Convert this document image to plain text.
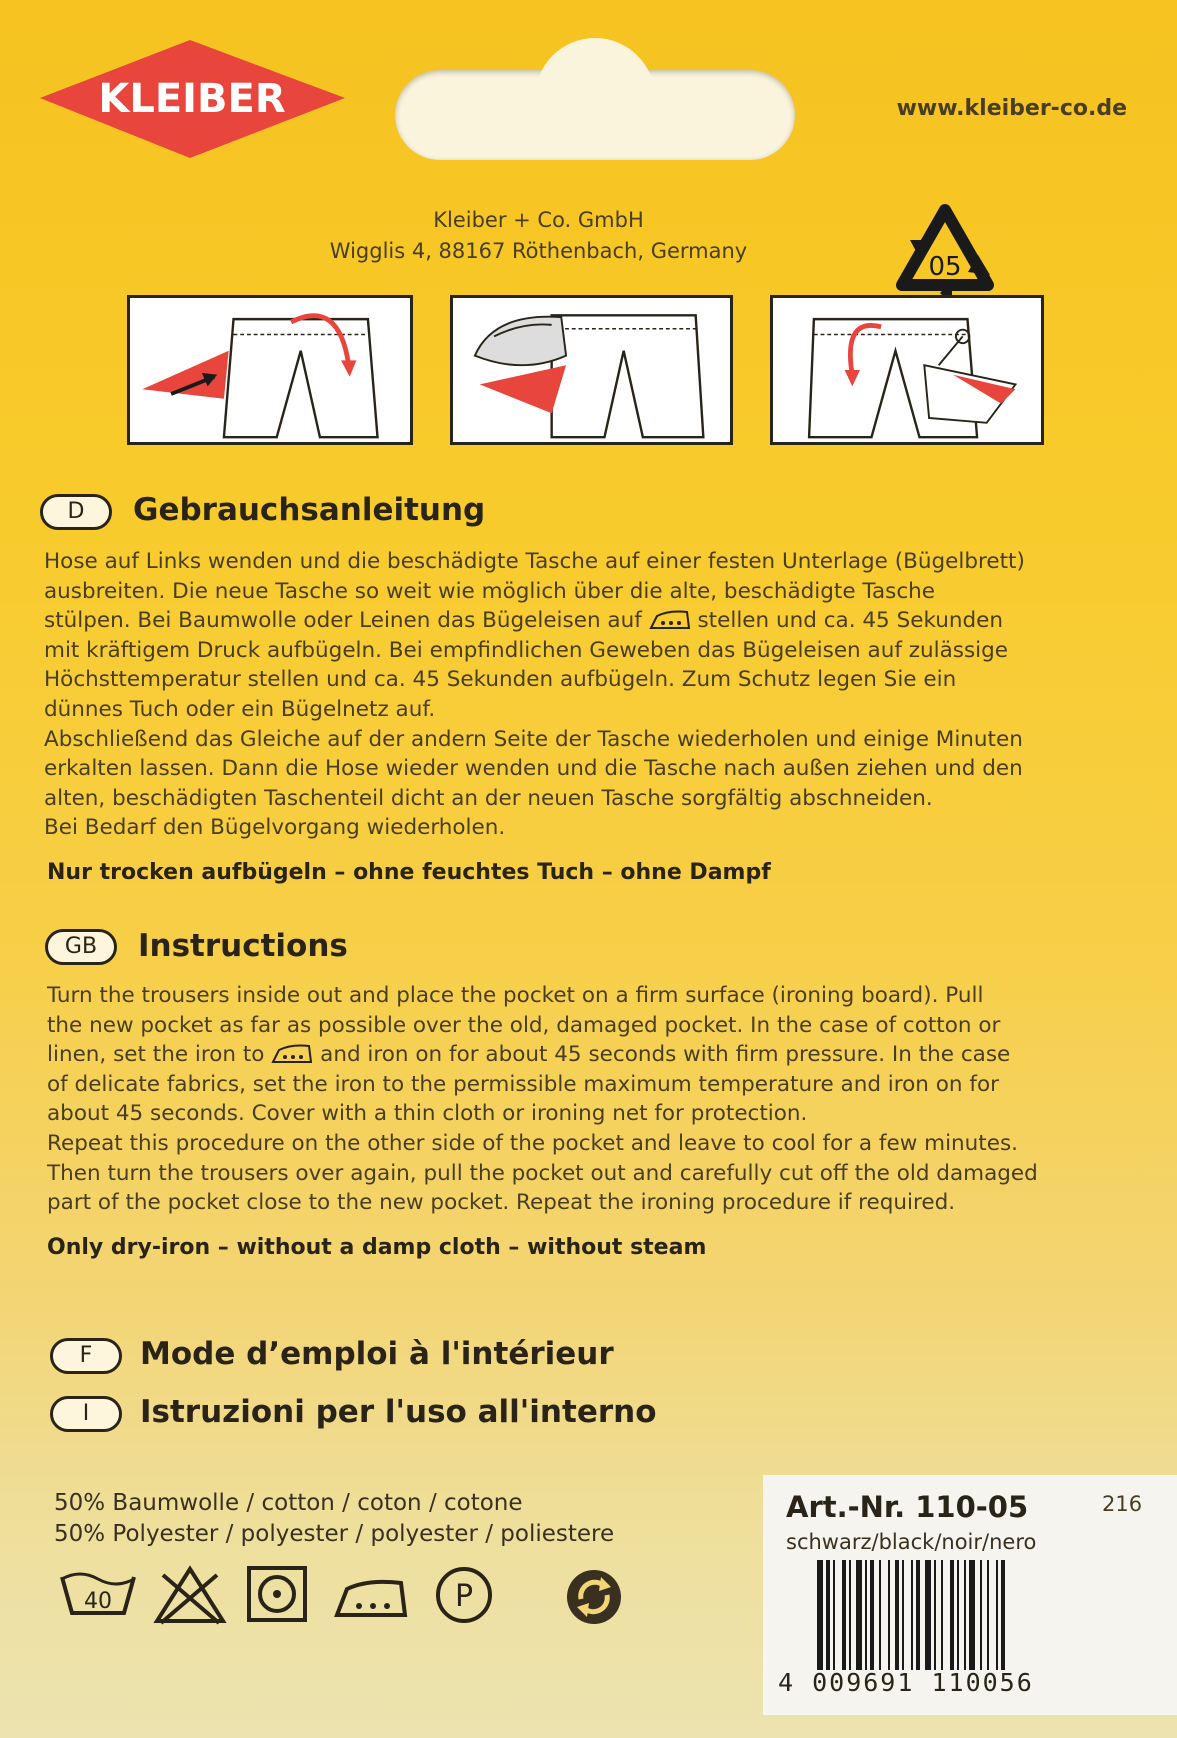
KLEIBER	www.kleiber-co.de
Kleiber + Co. GmbH
Wigglis 4, 88167 Röthenbach, Germany
05
D	Gebrauchsanleitung
Hose auf Links wenden und die beschädigte Tasche auf einer festen Unterlage (Bügelbrett)
ausbreiten. Die neue Tasche so weit wie möglich über die alte, beschädigte Tasche
stülpen. Bei Baumwolle oder Leinen das Bügeleisen auf	stellen und ca. 45 Sekunden
mit kräftigem Druck aufbügeln. Bei empfindlichen Geweben das Bügeleisen auf zulässige
Höchsttemperatur stellen und ca. 45 Sekunden aufbügeln. Zum Schutz legen Sie ein
dünnes Tuch oder ein Bügelnetz auf.
Abschließend das Gleiche auf der andern Seite der Tasche wiederholen und einige Minuten
erkalten lassen. Dann die Hose wieder wenden und die Tasche nach außen ziehen und den
alten, beschädigten Taschenteil dicht an der neuen Tasche sorgfältig abschneiden.
Bei Bedarf den Bügelvorgang wiederholen.
Nur trocken aufbügeln – ohne feuchtes Tuch – ohne Dampf
GB	Instructions
Turn the trousers inside out and place the pocket on a firm surface (ironing board). Pull
the new pocket as far as possible over the old, damaged pocket. In the case of cotton or
linen, set the iron to	and iron on for about 45 seconds with firm pressure. In the case
of delicate fabrics, set the iron to the permissible maximum temperature and iron on for
about 45 seconds. Cover with a thin cloth or ironing net for protection.
Repeat this procedure on the other side of the pocket and leave to cool for a few minutes.
Then turn the trousers over again, pull the pocket out and carefully cut off the old damaged
part of the pocket close to the new pocket. Repeat the ironing procedure if required.
Only dry-iron – without a damp cloth – without steam
F	Mode d’emploi à l'intérieur
I	Istruzioni per l'uso all'interno
50% Baumwolle / cotton / coton / cotone
50% Polyester / polyester / polyester / poliestere
40	P
Art.-Nr. 110-05	216
schwarz/black/noir/nero
4 009691 110056
